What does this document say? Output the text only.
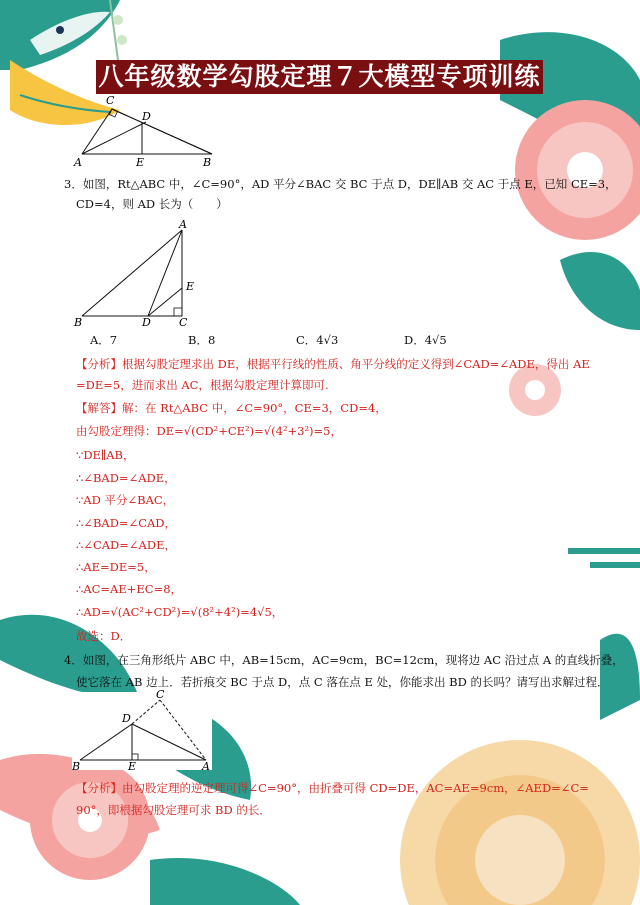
八年级数学勾股定理７大模型专项训练
C
D
A	E	B
3．如图，Rt△ABC 中，∠C=90°，AD 平分∠BAC 交 BC 于点 D，DE∥AB 交 AC 于点 E，已知 CE=3，
CD=4，则 AD 长为（　　）
A
E
B	D	C
A．7	B．8	C．4√3	D．4√5
【分析】根据勾股定理求出 DE，根据平行线的性质、角平分线的定义得到∠CAD=∠ADE，得出 AE
=DE=5，进而求出 AC，根据勾股定理计算即可.
【解答】解：在 Rt△ABC 中，∠C=90°，CE=3，CD=4，
由勾股定理得：DE=√(CD²+CE²)=√(4²+3²)=5，
∵DE∥AB，
∴∠BAD=∠ADE，
∵AD 平分∠BAC，
∴∠BAD=∠CAD，
∴∠CAD=∠ADE，
∴AE=DE=5，
∴AC=AE+EC=8，
∴AD=√(AC²+CD²)=√(8²+4²)=4√5，
故选：D．
4．如图，在三角形纸片 ABC 中，AB=15cm，AC=9cm，BC=12cm，现将边 AC 沿过点 A 的直线折叠，
使它落在 AB 边上．若折痕交 BC 于点 D，点 C 落在点 E 处，你能求出 BD 的长吗？请写出求解过程．
C
D
B	E	A
【分析】由勾股定理的逆定理可得∠C=90°，由折叠可得 CD=DE，AC=AE=9cm，∠AED=∠C=
90°，即根据勾股定理可求 BD 的长．
